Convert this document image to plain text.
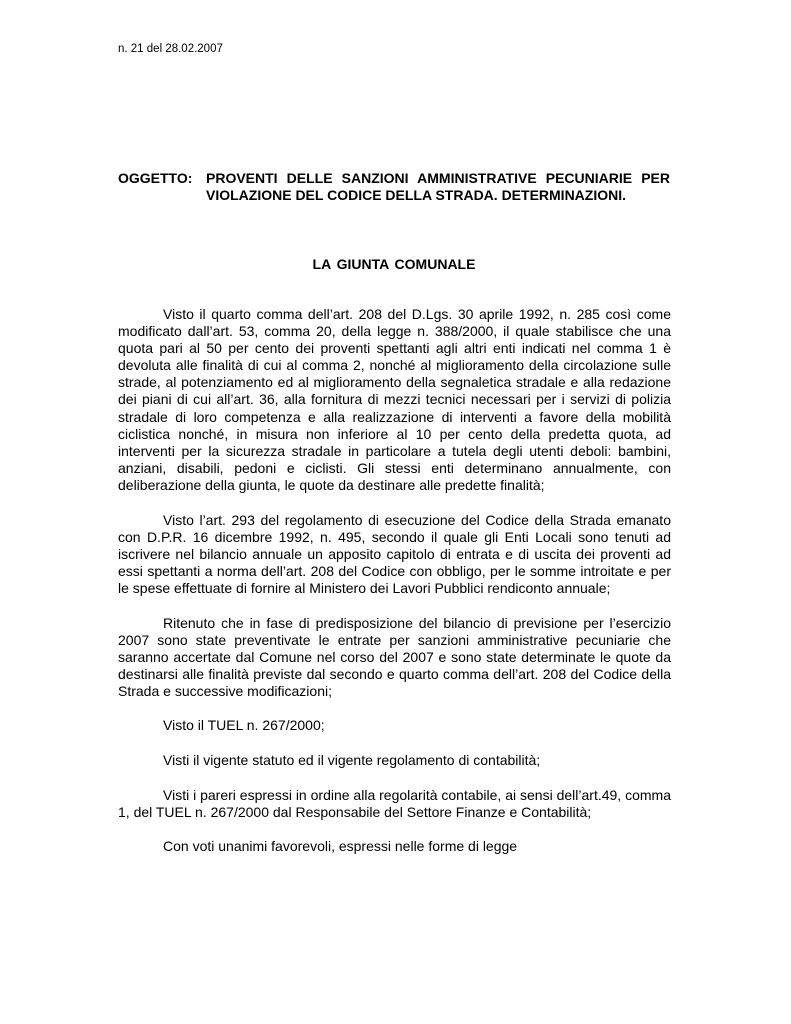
n. 21 del 28.02.2007
OGGETTO: PROVENTI DELLE SANZIONI AMMINISTRATIVE PECUNIARIE PER VIOLAZIONE DEL CODICE DELLA STRADA. DETERMINAZIONI.
LA GIUNTA COMUNALE

Visto il quarto comma dell’art. 208 del D.Lgs. 30 aprile 1992, n. 285 così come modificato dall’art. 53, comma 20, della legge n. 388/2000, il quale stabilisce che una quota pari al 50 per cento dei proventi spettanti agli altri enti indicati nel comma 1 è devoluta alle finalità di cui al comma 2, nonché al miglioramento della circolazione sulle strade, al potenziamento ed al miglioramento della segnaletica stradale e alla redazione dei piani di cui all’art. 36, alla fornitura di mezzi tecnici necessari per i servizi di polizia stradale di loro competenza e alla realizzazione di interventi a favore della mobilità ciclistica nonché, in misura non inferiore al 10 per cento della predetta quota, ad interventi per la sicurezza stradale in particolare a tutela degli utenti deboli: bambini, anziani, disabili, pedoni e ciclisti. Gli stessi enti determinano annualmente, con deliberazione della giunta, le quote da destinare alle predette finalità;

Visto l’art. 293 del regolamento di esecuzione del Codice della Strada emanato con D.P.R. 16 dicembre 1992, n. 495, secondo il quale gli Enti Locali sono tenuti ad iscrivere nel bilancio annuale un apposito capitolo di entrata e di uscita dei proventi ad essi spettanti a norma dell’art. 208 del Codice con obbligo, per le somme introitate e per le spese effettuate di fornire al Ministero dei Lavori Pubblici rendiconto annuale;

Ritenuto che in fase di predisposizione del bilancio di previsione per l’esercizio 2007 sono state preventivate le entrate per sanzioni amministrative pecuniarie che saranno accertate dal Comune nel corso del 2007 e sono state determinate le quote da destinarsi alle finalità previste dal secondo e quarto comma dell’art. 208 del Codice della Strada e successive modificazioni;

Visto il TUEL n. 267/2000;

Visti il vigente statuto ed il vigente regolamento di contabilità;

Visti i pareri espressi in ordine alla regolarità contabile, ai sensi dell’art.49, comma 1, del TUEL n. 267/2000 dal Responsabile del Settore Finanze e Contabilità;

Con voti unanimi favorevoli, espressi nelle forme di legge
